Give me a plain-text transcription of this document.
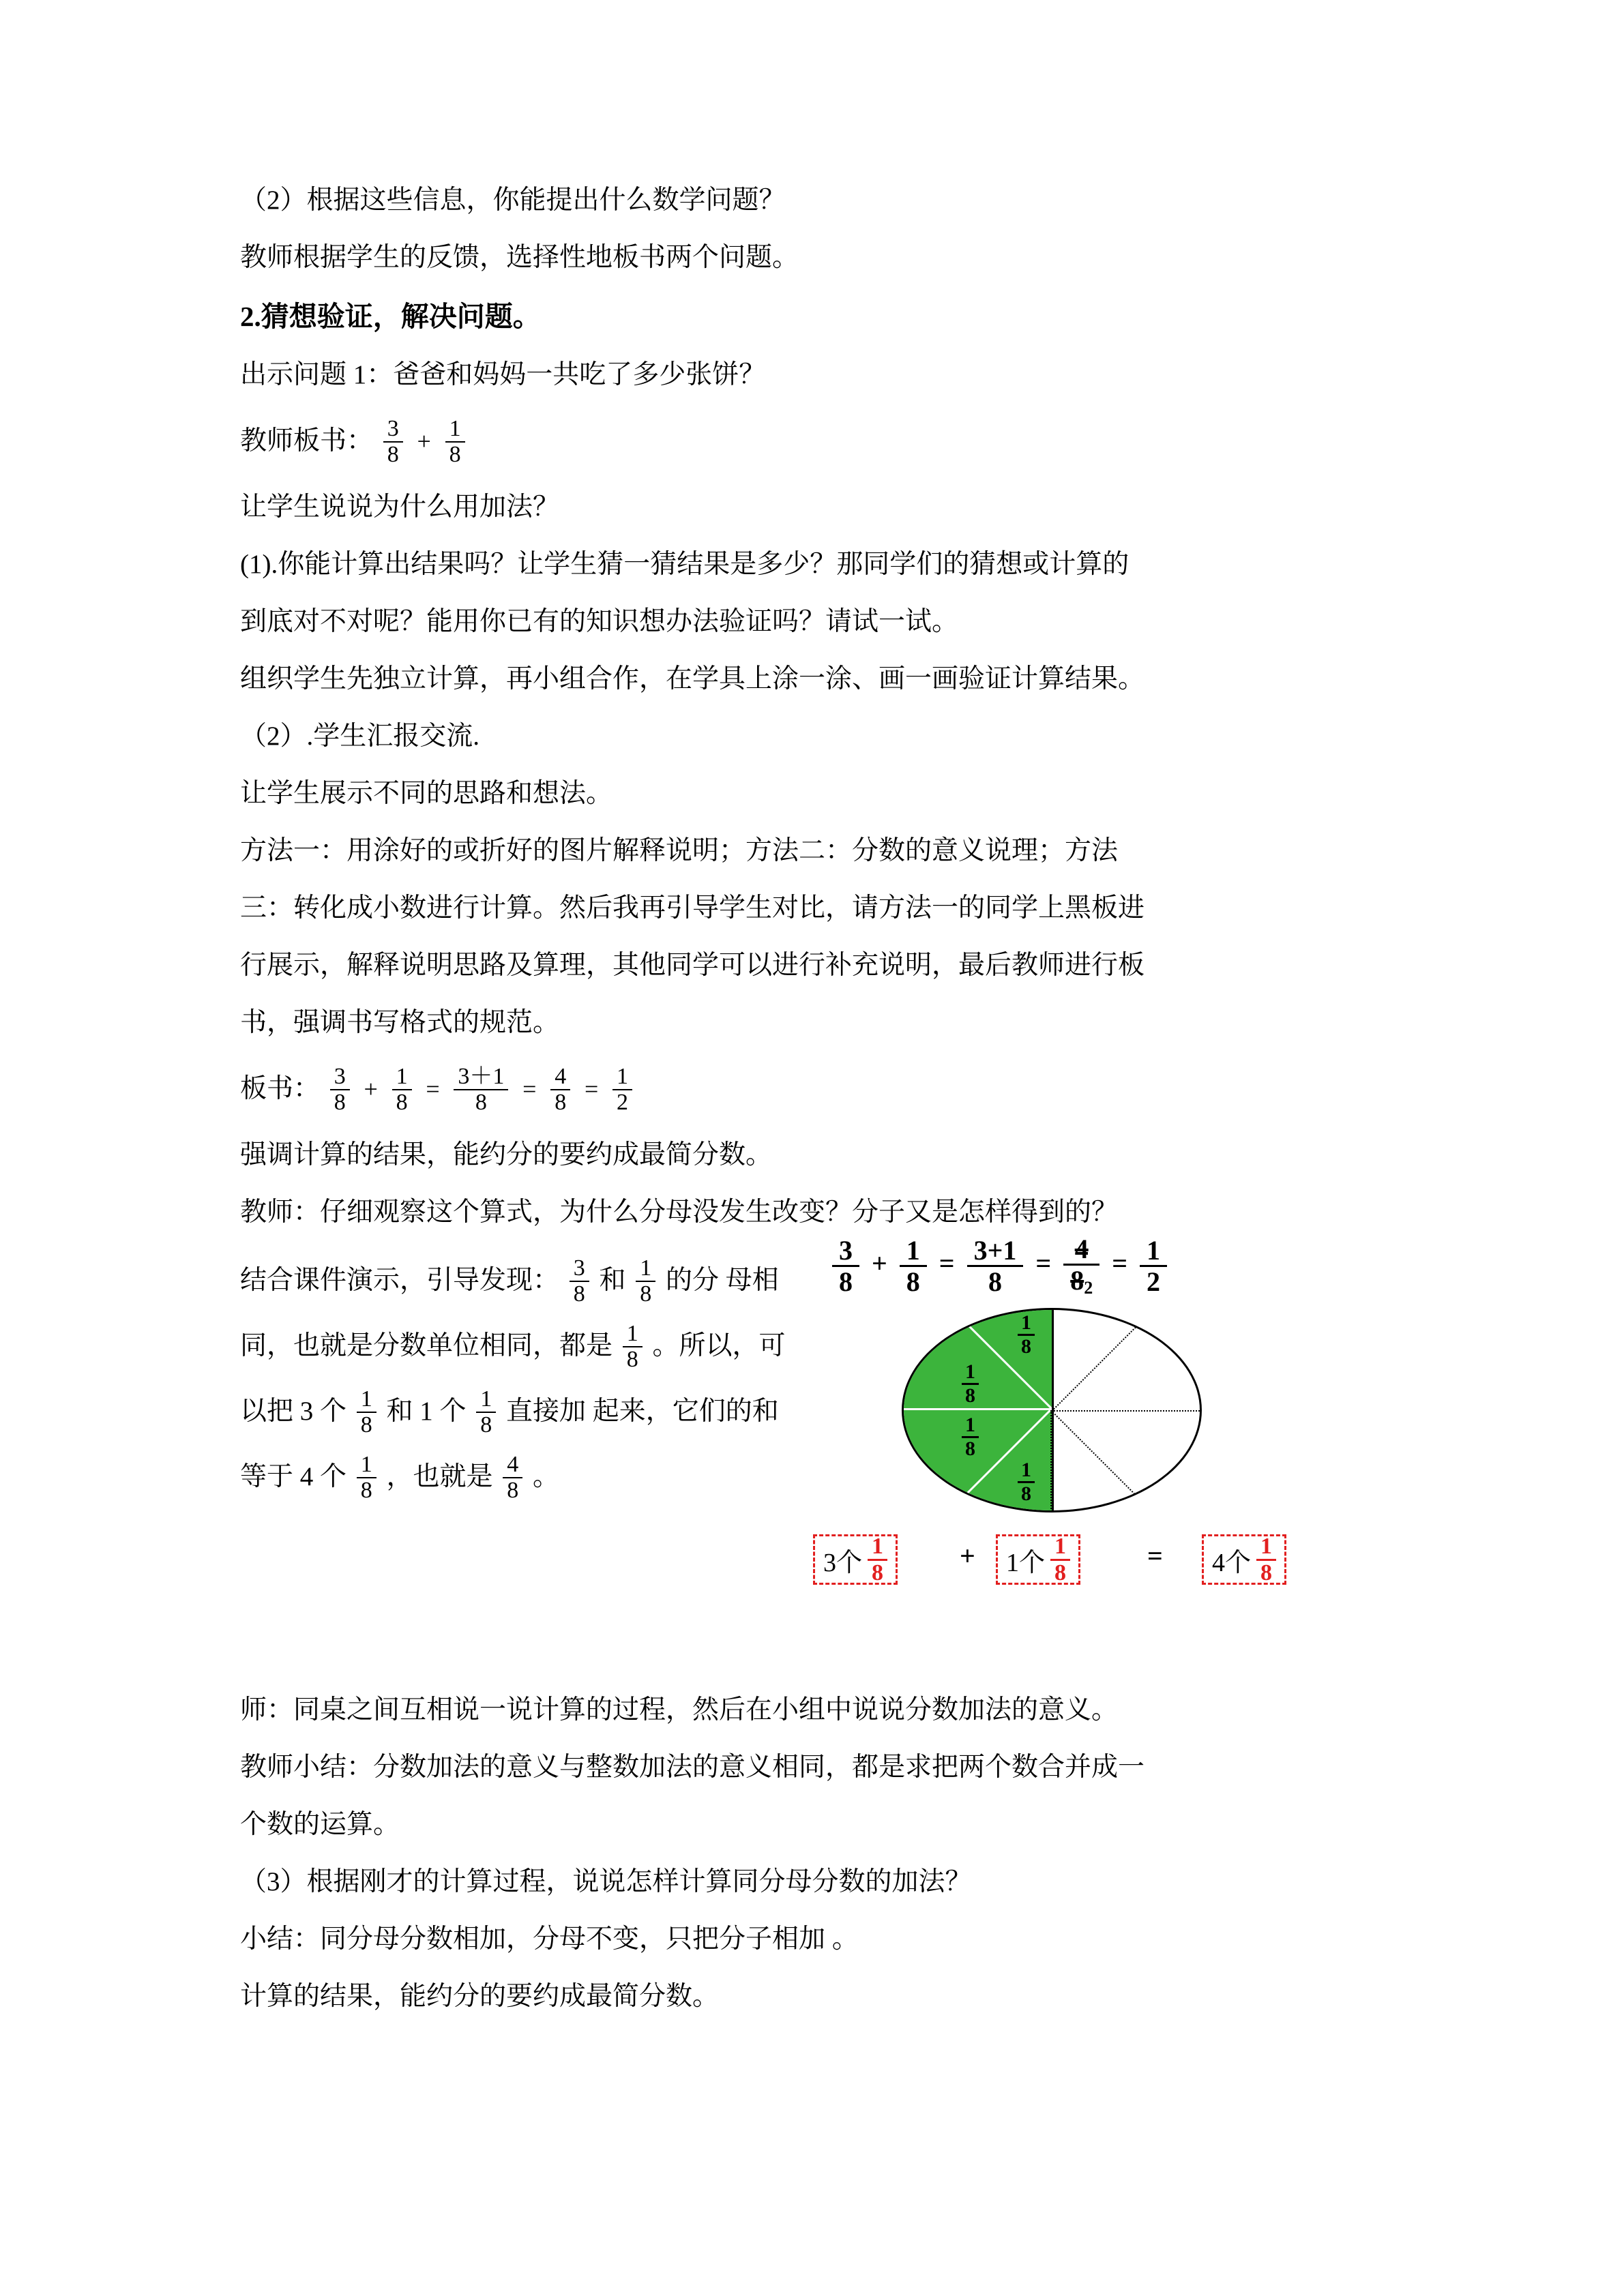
（2）根据这些信息，你能提出什么数学问题？
教师根据学生的反馈，选择性地板书两个问题。
2.猜想验证，解决问题。
出示问题 1：爸爸和妈妈一共吃了多少张饼？
教师板书： $\frac{3}{8} + \frac{1}{8}$
让学生说说为什么用加法？
(1).你能计算出结果吗？让学生猜一猜结果是多少？那同学们的猜想或计算的
到底对不对呢？能用你已有的知识想办法验证吗？请试一试。
组织学生先独立计算，再小组合作，在学具上涂一涂、画一画验证计算结果。
（2）.学生汇报交流.
让学生展示不同的思路和想法。
方法一：用涂好的或折好的图片解释说明；方法二：分数的意义说理；方法
三：转化成小数进行计算。然后我再引导学生对比，请方法一的同学上黑板进
行展示，解释说明思路及算理，其他同学可以进行补充说明，最后教师进行板
书，强调书写格式的规范。
板书： $\frac{3}{8} + \frac{1}{8} = \frac{3+1}{8} = \frac{4}{8} = \frac{1}{2}$
强调计算的结果，能约分的要约成最简分数。
教师：仔细观察这个算式，为什么分母没发生改变？分子又是怎样得到的？
结合课件演示，引导发现： $\frac{3}{8}$ 和 $\frac{1}{8}$ 的分 母相同，也就是分数单位相同，都是 $\frac{1}{8}$ 。所以，可以把 3 个 $\frac{1}{8}$ 和 1 个 $\frac{1}{8}$ 直接加 起来，它们的和等于 4 个 $\frac{1}{8}$ ，也就是 $\frac{4}{8}$ 。
$\frac{3}{8} + \frac{1}{8} = \frac{3+1}{8} = \frac{4}{82} = \frac{1}{2}$
$\frac{1}{8}$
$\frac{1}{8}$
$\frac{1}{8}$
$\frac{1}{8}$
3个 $\frac{1}{8}$	+ 1个 $\frac{1}{8}$	= 4个 $\frac{1}{8}$
师：同桌之间互相说一说计算的过程，然后在小组中说说分数加法的意义。
教师小结：分数加法的意义与整数加法的意义相同，都是求把两个数合并成一
个数的运算。
（3）根据刚才的计算过程，说说怎样计算同分母分数的加法？
小结：同分母分数相加，分母不变，只把分子相加 。
计算的结果，能约分的要约成最简分数。
